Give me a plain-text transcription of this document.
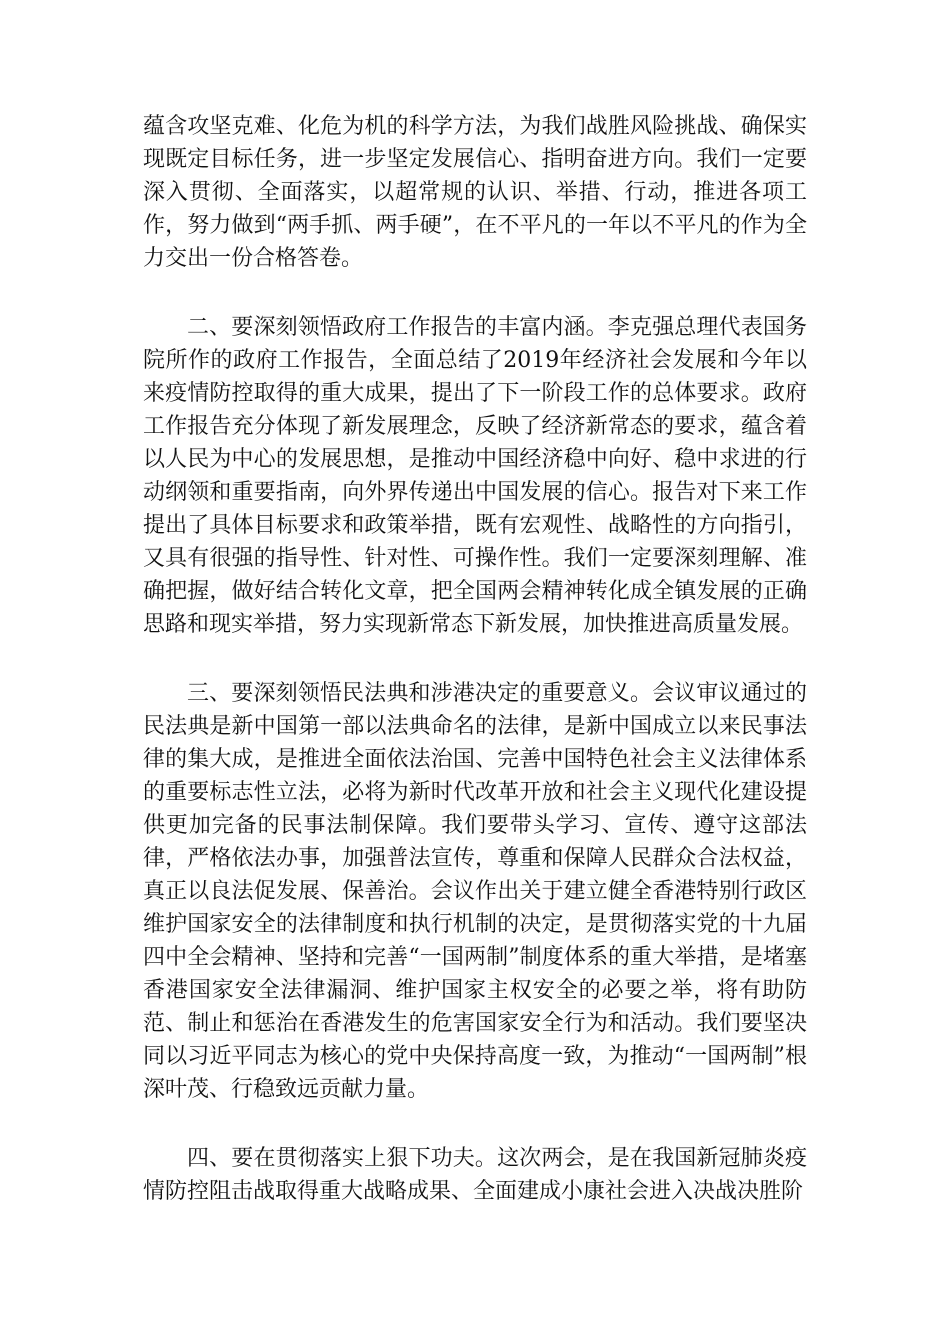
蕴含攻坚克难、化危为机的科学方法，为我们战胜风险挑战、确保实现既定目标任务，进一步坚定发展信心、指明奋进方向。我们一定要深入贯彻、全面落实，以超常规的认识、举措、行动，推进各项工作，努力做到“两手抓、两手硬”，在不平凡的一年以不平凡的作为全力交出一份合格答卷。

二、要深刻领悟政府工作报告的丰富内涵。李克强总理代表国务院所作的政府工作报告，全面总结了2019年经济社会发展和今年以来疫情防控取得的重大成果，提出了下一阶段工作的总体要求。政府工作报告充分体现了新发展理念，反映了经济新常态的要求，蕴含着以人民为中心的发展思想，是推动中国经济稳中向好、稳中求进的行动纲领和重要指南，向外界传递出中国发展的信心。报告对下来工作提出了具体目标要求和政策举措，既有宏观性、战略性的方向指引，又具有很强的指导性、针对性、可操作性。我们一定要深刻理解、准确把握，做好结合转化文章，把全国两会精神转化成全镇发展的正确思路和现实举措，努力实现新常态下新发展，加快推进高质量发展。

三、要深刻领悟民法典和涉港决定的重要意义。会议审议通过的民法典是新中国第一部以法典命名的法律，是新中国成立以来民事法律的集大成，是推进全面依法治国、完善中国特色社会主义法律体系的重要标志性立法，必将为新时代改革开放和社会主义现代化建设提供更加完备的民事法制保障。我们要带头学习、宣传、遵守这部法律，严格依法办事，加强普法宣传，尊重和保障人民群众合法权益，真正以良法促发展、保善治。会议作出关于建立健全香港特别行政区维护国家安全的法律制度和执行机制的决定，是贯彻落实党的十九届四中全会精神、坚持和完善“一国两制”制度体系的重大举措，是堵塞香港国家安全法律漏洞、维护国家主权安全的必要之举，将有助防范、制止和惩治在香港发生的危害国家安全行为和活动。我们要坚决同以习近平同志为核心的党中央保持高度一致，为推动“一国两制”根深叶茂、行稳致远贡献力量。

四、要在贯彻落实上狠下功夫。这次两会，是在我国新冠肺炎疫情防控阻击战取得重大战略成果、全面建成小康社会进入决战决胜阶
